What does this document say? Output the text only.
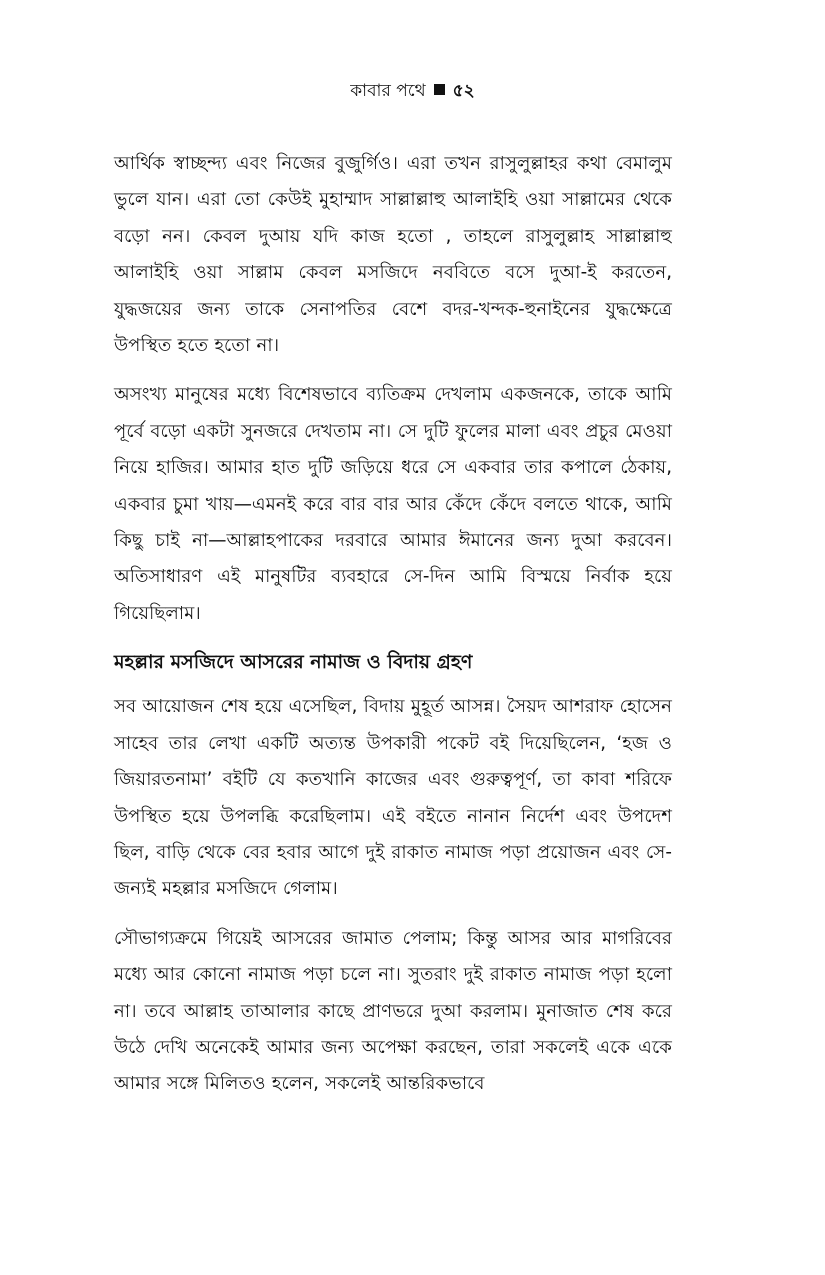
কাবার পথে ৫২

আর্থিক স্বাচ্ছন্দ্য এবং নিজের বুজুর্গিও। এরা তখন রাসুলুল্লাহর কথা বেমালুম ভুলে যান। এরা তো কেউই মুহাম্মাদ সাল্লাল্লাহু আলাইহি ওয়া সাল্লামের থেকে বড়ো নন। কেবল দুআয় যদি কাজ হতো , তাহলে রাসুলুল্লাহ সাল্লাল্লাহু আলাইহি ওয়া সাল্লাম কেবল মসজিদে নববিতে বসে দুআ-ই করতেন, যুদ্ধজয়ের জন্য তাকে সেনাপতির বেশে বদর-খন্দক-হুনাইনের যুদ্ধক্ষেত্রে উপস্থিত হতে হতো না।

অসংখ্য মানুষের মধ্যে বিশেষভাবে ব্যতিক্রম দেখলাম একজনকে, তাকে আমি পূর্বে বড়ো একটা সুনজরে দেখতাম না। সে দুটি ফুলের মালা এবং প্রচুর মেওয়া নিয়ে হাজির। আমার হাত দুটি জড়িয়ে ধরে সে একবার তার কপালে ঠেকায়, একবার চুমা খায়—এমনই করে বার বার আর কেঁদে কেঁদে বলতে থাকে, আমি কিছু চাই না—আল্লাহপাকের দরবারে আমার ঈমানের জন্য দুআ করবেন। অতিসাধারণ এই মানুষটির ব্যবহারে সে-দিন আমি বিস্ময়ে নির্বাক হয়ে গিয়েছিলাম।

মহল্লার মসজিদে আসরের নামাজ ও বিদায় গ্রহণ

সব আয়োজন শেষ হয়ে এসেছিল, বিদায় মুহূর্ত আসন্ন। সৈয়দ আশরাফ হোসেন সাহেব তার লেখা একটি অত্যন্ত উপকারী পকেট বই দিয়েছিলেন, ‘হজ ও জিয়ারতনামা’ বইটি যে কতখানি কাজের এবং গুরুত্বপূর্ণ, তা কাবা শরিফে উপস্থিত হয়ে উপলব্ধি করেছিলাম। এই বইতে নানান নির্দেশ এবং উপদেশ ছিল, বাড়ি থেকে বের হবার আগে দুই রাকাত নামাজ পড়া প্রয়োজন এবং সে-জন্যই মহল্লার মসজিদে গেলাম।

সৌভাগ্যক্রমে গিয়েই আসরের জামাত পেলাম; কিন্তু আসর আর মাগরিবের মধ্যে আর কোনো নামাজ পড়া চলে না। সুতরাং দুই রাকাত নামাজ পড়া হলো না। তবে আল্লাহ তাআলার কাছে প্রাণভরে দুআ করলাম। মুনাজাত শেষ করে উঠে দেখি অনেকেই আমার জন্য অপেক্ষা করছেন, তারা সকলেই একে একে আমার সঙ্গে মিলিতও হলেন, সকলেই আন্তরিকভাবে
